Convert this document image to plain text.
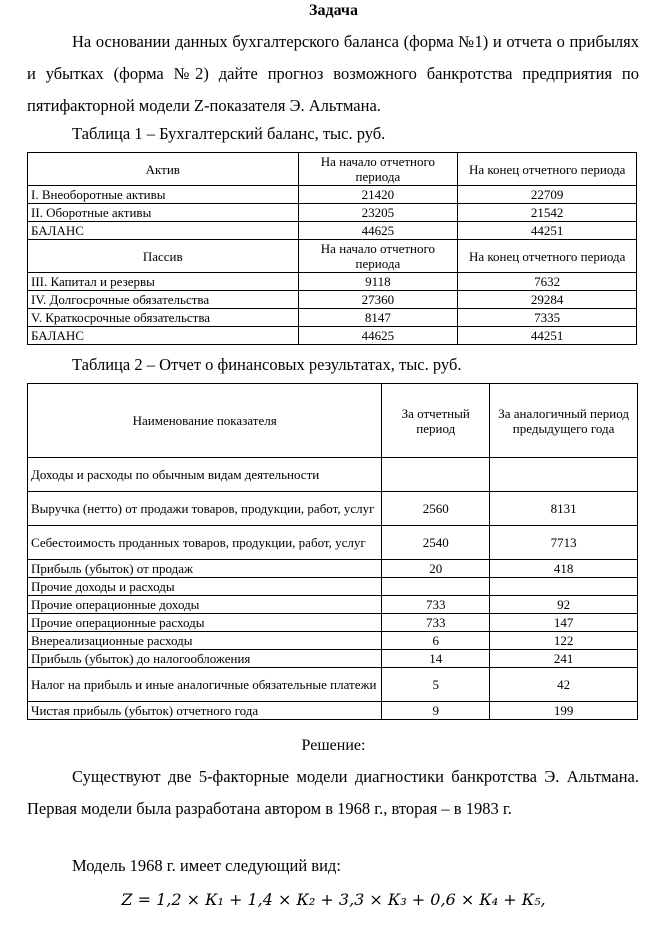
Задача

На основании данных бухгалтерского баланса (форма №1) и отчета о прибылях и убытках (форма №2) дайте прогноз возможного банкротства предприятия по пятифакторной модели Z-показателя Э. Альтмана.

Таблица 1 – Бухгалтерский баланс, тыс. руб.
Актив	На начало отчетного периода	На конец отчетного периода
I. Внеоборотные активы	21420	22709
II. Оборотные активы	23205	21542
БАЛАНС	44625	44251
Пассив	На начало отчетного периода	На конец отчетного периода
III. Капитал и резервы	9118	7632
IV. Долгосрочные обязательства	27360	29284
V. Краткосрочные обязательства	8147	7335
БАЛАНС	44625	44251
Таблица 2 – Отчет о финансовых результатах, тыс. руб.
Наименование показателя	За отчетный период	За аналогичный период предыдущего года
Доходы и расходы по обычным видам деятельности		
Выручка (нетто) от продажи товаров, продукции, работ, услуг	2560	8131
Себестоимость проданных товаров, продукции, работ, услуг	2540	7713
Прибыль (убыток) от продаж	20	418
Прочие доходы и расходы		
Прочие операционные доходы	733	92
Прочие операционные расходы	733	147
Внереализационные расходы	6	122
Прибыль (убыток) до налогообложения	14	241
Налог на прибыль и иные аналогичные обязательные платежи	5	42
Чистая прибыль (убыток) отчетного года	9	199
Решение:

Существуют две 5-факторные модели диагностики банкротства Э. Альтмана. Первая модели была разработана автором в 1968 г., вторая – в 1983 г.

Модель 1968 г. имеет следующий вид:
Z = 1,2 × К₁ + 1,4 × К₂ + 3,3 × К₃ + 0,6 × К₄ + К₅,
